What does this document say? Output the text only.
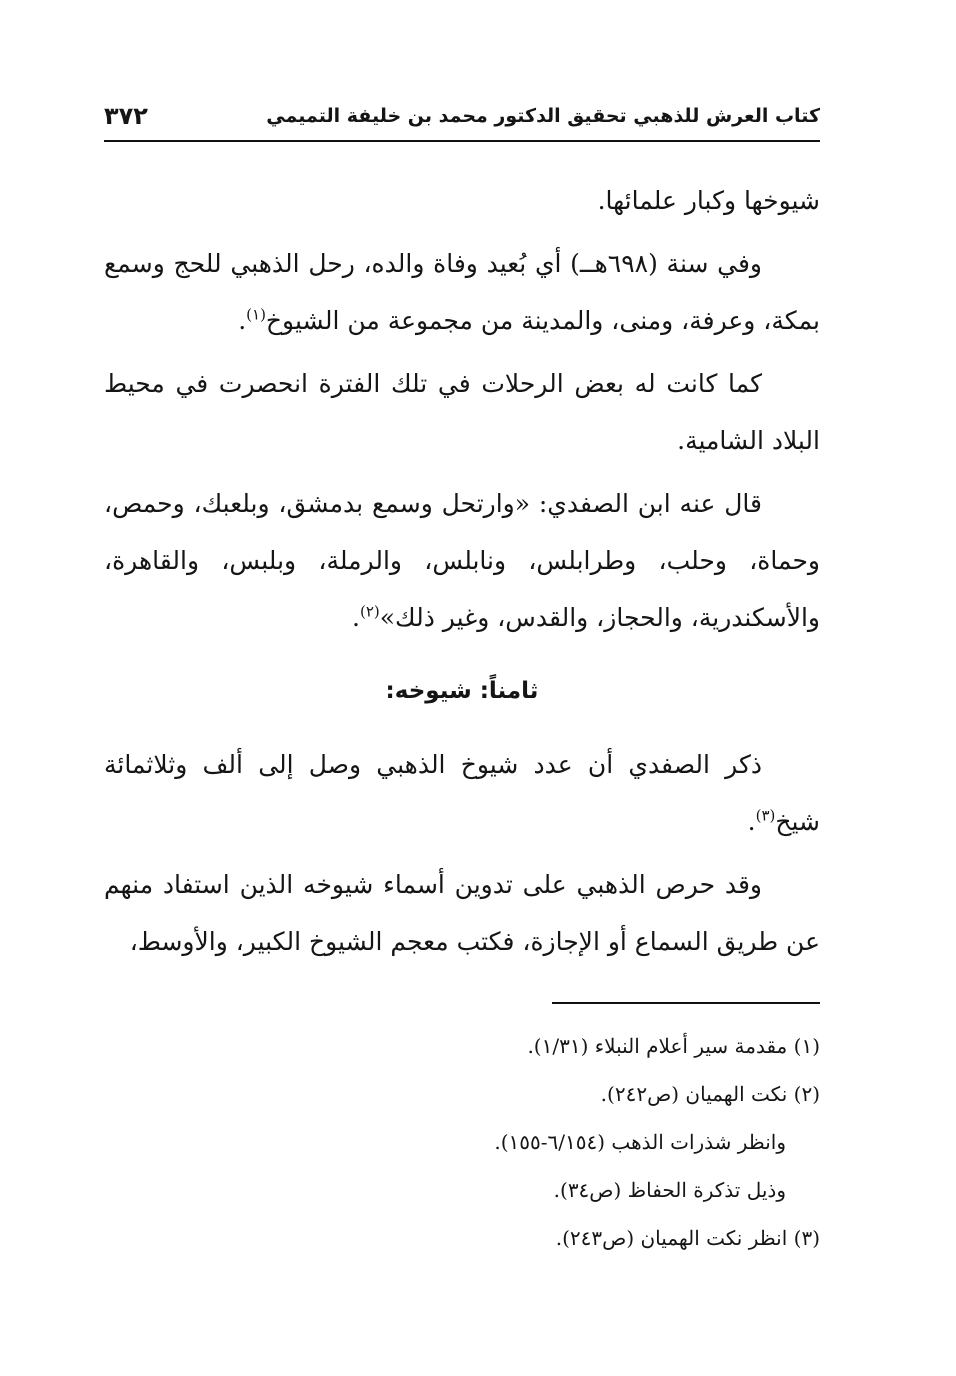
كتاب العرش للذهبي تحقيق الدكتور محمد بن خليفة التميمي
٣٧٢

شيوخها وكبار علمائها.

وفي سنة (٦٩٨هــ) أي بُعيد وفاة والده، رحل الذهبي للحج وسمع بمكة، وعرفة، ومنى، والمدينة من مجموعة من الشيوخ$^{(١)}$.

كما كانت له بعض الرحلات في تلك الفترة انحصرت في محيط البلاد الشامية.

قال عنه ابن الصفدي: «وارتحل وسمع بدمشق، وبلعبك، وحمص، وحماة، وحلب، وطرابلس، ونابلس، والرملة، وبلبس، والقاهرة، والأسكندرية، والحجاز، والقدس، وغير ذلك»$^{(٢)}$.

ثامناً: شيوخه:

ذكر الصفدي أن عدد شيوخ الذهبي وصل إلى ألف وثلاثمائة شيخ$^{(٣)}$.

وقد حرص الذهبي على تدوين أسماء شيوخه الذين استفاد منهم عن طريق السماع أو الإجازة، فكتب معجم الشيوخ الكبير، والأوسط،

(١) مقدمة سير أعلام النبلاء (١/٣١).
(٢) نكت الهميان (ص٢٤٢).
وانظر شذرات الذهب (٦/١٥٤-١٥٥).
وذيل تذكرة الحفاظ (ص٣٤).
(٣) انظر نكت الهميان (ص٢٤٣).
